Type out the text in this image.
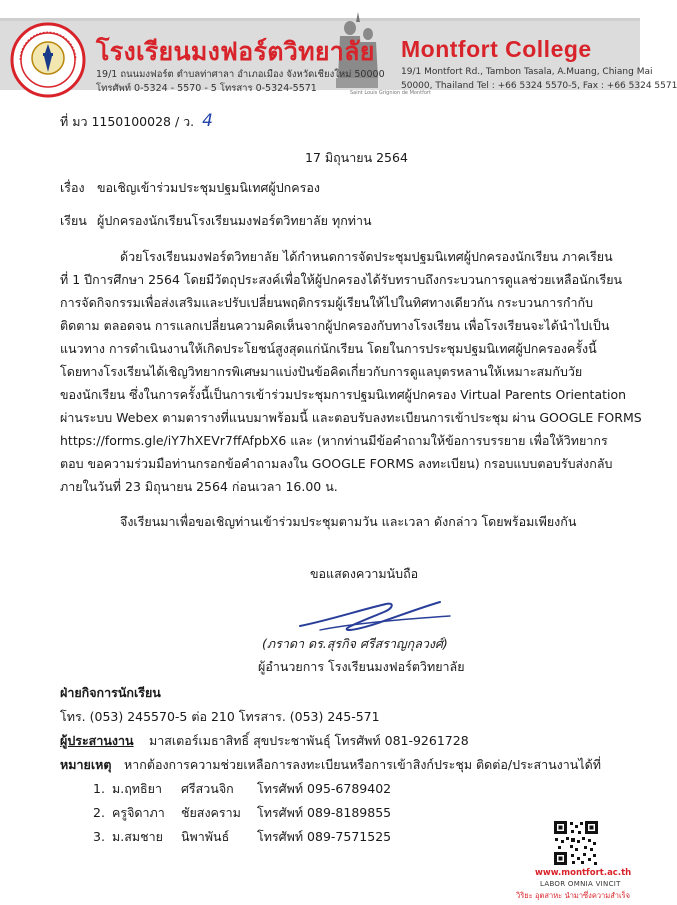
โรงเรียนมงฟอร์ตวิทยาลัย
19/1 ถนนมงฟอร์ต ตำบลท่าศาลา อำเภอเมือง จังหวัดเชียงใหม่ 50000
โทรศัพท์ 0-5324 - 5570 - 5 โทรสาร 0-5324-5571
Montfort College
19/1 Montfort Rd., Tambon Tasala, A.Muang, Chiang Mai
50000, Thailand Tel : +66 5324 5570-5, Fax : +66 5324 5571
Saint Louis Grignion de Montfort
ที่ มว 1150100028 / ว. 4
17 มิถุนายน 2564
เรื่อง ขอเชิญเข้าร่วมประชุมปฐมนิเทศผู้ปกครอง
เรียน ผู้ปกครองนักเรียนโรงเรียนมงฟอร์ตวิทยาลัย ทุกท่าน
ด้วยโรงเรียนมงฟอร์ตวิทยาลัย ได้กำหนดการจัดประชุมปฐมนิเทศผู้ปกครองนักเรียน ภาคเรียน
ที่ 1 ปีการศึกษา 2564 โดยมีวัตถุประสงค์เพื่อให้ผู้ปกครองได้รับทราบถึงกระบวนการดูแลช่วยเหลือนักเรียน
การจัดกิจกรรมเพื่อส่งเสริมและปรับเปลี่ยนพฤติกรรมผู้เรียนให้ไปในทิศทางเดียวกัน กระบวนการกำกับ
ติดตาม ตลอดจน การแลกเปลี่ยนความคิดเห็นจากผู้ปกครองกับทางโรงเรียน เพื่อโรงเรียนจะได้นำไปเป็น
แนวทาง การดำเนินงานให้เกิดประโยชน์สูงสุดแก่นักเรียน โดยในการประชุมปฐมนิเทศผู้ปกครองครั้งนี้
โดยทางโรงเรียนได้เชิญวิทยากรพิเศษมาแบ่งปันข้อคิดเกี่ยวกับการดูแลบุตรหลานให้เหมาะสมกับวัย
ของนักเรียน ซึ่งในการครั้งนี้เป็นการเข้าร่วมประชุมการปฐมนิเทศผู้ปกครอง Virtual Parents Orientation
ผ่านระบบ Webex ตามตารางที่แนบมาพร้อมนี้ และตอบรับลงทะเบียนการเข้าประชุม ผ่าน GOOGLE FORMS
https://forms.gle/iY7hXEVr7ffAfpbX6 และ (หากท่านมีข้อคำถามให้ข้อการบรรยาย เพื่อให้วิทยากร
ตอบ ขอความร่วมมือท่านกรอกข้อคำถามลงใน GOOGLE FORMS ลงทะเบียน) กรอบแบบตอบรับส่งกลับ
ภายในวันที่ 23 มิถุนายน 2564 ก่อนเวลา 16.00 น.
จึงเรียนมาเพื่อขอเชิญท่านเข้าร่วมประชุมตามวัน และเวลา ดังกล่าว โดยพร้อมเพียงกัน
ขอแสดงความนับถือ
(ภราดา ดร.สุรกิจ ศรีสราญกุลวงศ์)
ผู้อำนวยการ โรงเรียนมงฟอร์ตวิทยาลัย
ฝ่ายกิจการนักเรียน
โทร. (053) 245570-5 ต่อ 210 โทรสาร. (053) 245-571
ผู้ประสานงาน มาสเตอร์เมธาสิทธิ์ สุขประชาพันธุ์ โทรศัพท์ 081-9261728
หมายเหตุ หากต้องการความช่วยเหลือการลงทะเบียนหรือการเข้าสิงก์ประชุม ติดต่อ/ประสานงานได้ที่
1. ม.ฤทธิยา ศรีสวนจิก โทรศัพท์ 095-6789402
2. ครูจิดาภา ชัยสงคราม โทรศัพท์ 089-8189855
3. ม.สมชาย นิพาพันธ์ โทรศัพท์ 089-7571525
www.montfort.ac.th
LABOR OMNIA VINCIT
วิริยะ อุตสาหะ นำมาซึ่งความสำเร็จ
